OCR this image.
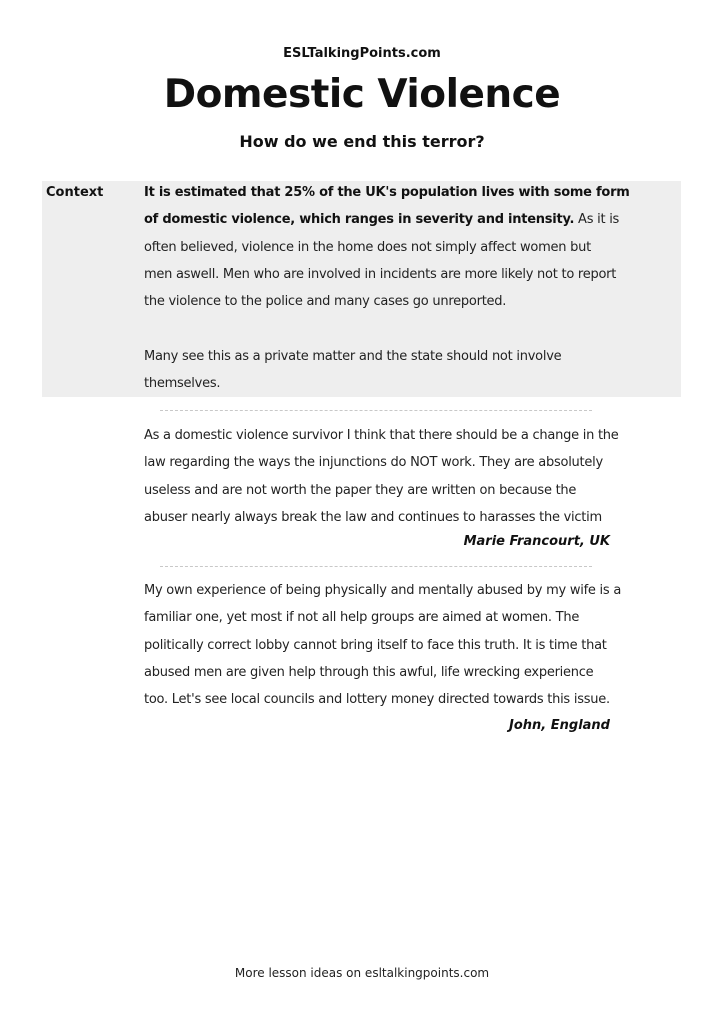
ESLTalkingPoints.com
Domestic Violence
How do we end this terror?
Context	It is estimated that 25% of the UK's population lives with some form
of domestic violence, which ranges in severity and intensity. As it is
often believed, violence in the home does not simply affect women but
men aswell. Men who are involved in incidents are more likely not to report
the violence to the police and many cases go unreported.

Many see this as a private matter and the state should not involve
themselves.
As a domestic violence survivor I think that there should be a change in the
law regarding the ways the injunctions do NOT work. They are absolutely
useless and are not worth the paper they are written on because the
abuser nearly always break the law and continues to harasses the victim
Marie Francourt, UK
My own experience of being physically and mentally abused by my wife is a
familiar one, yet most if not all help groups are aimed at women. The
politically correct lobby cannot bring itself to face this truth. It is time that
abused men are given help through this awful, life wrecking experience
too. Let's see local councils and lottery money directed towards this issue.
John, England
More lesson ideas on esltalkingpoints.com
